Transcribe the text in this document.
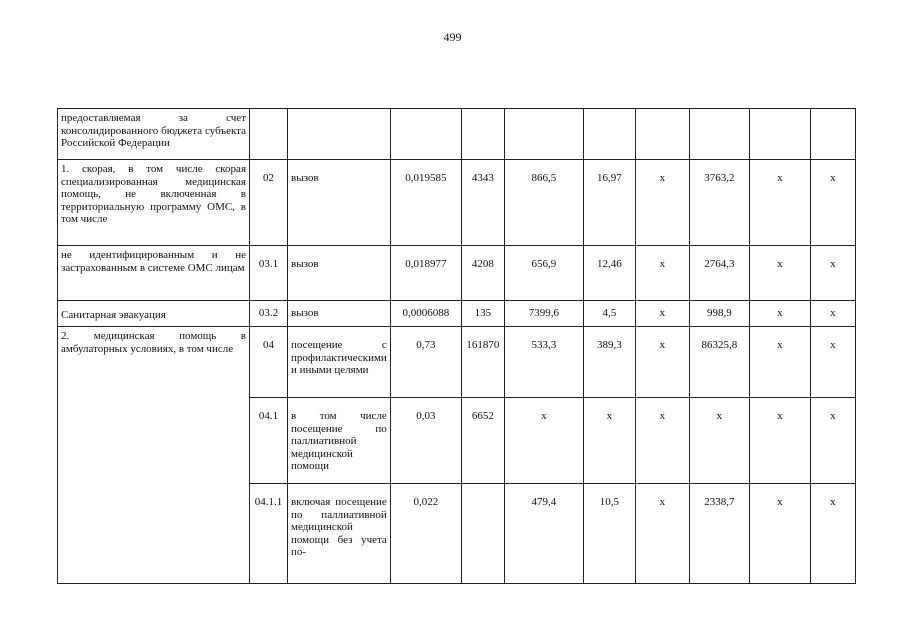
499
предоставляемая за счет консолидированного бюджета субъекта Российской Федерации										
1. скорая, в том числе скорая специализированная медицинская помощь, не включенная в территориальную программу ОМС, в том числе	02	вызов	0,019585	4343	866,5	16,97	х	3763,2	х	х
не идентифицированным и не застрахованным в системе ОМС лицам	03.1	вызов	0,018977	4208	656,9	12,46	х	2764,3	х	х
Санитарная эвакуация	03.2	вызов	0,0006088	135	7399,6	4,5	х	998,9	х	х
2. медицинская помощь в амбулаторных условиях, в том числе	04	посещение с профилактическими и иными целями	0,73	161870	533,3	389,3	х	86325,8	х	х
	04.1	в том числе посещение по паллиативной медицинской помощи	0,03	6652	х	х	х	х	х	х
	04.1.1	включая посещение по паллиативной медицинской помощи без учета по-	0,022		479,4	10,5	х	2338,7	х	х
